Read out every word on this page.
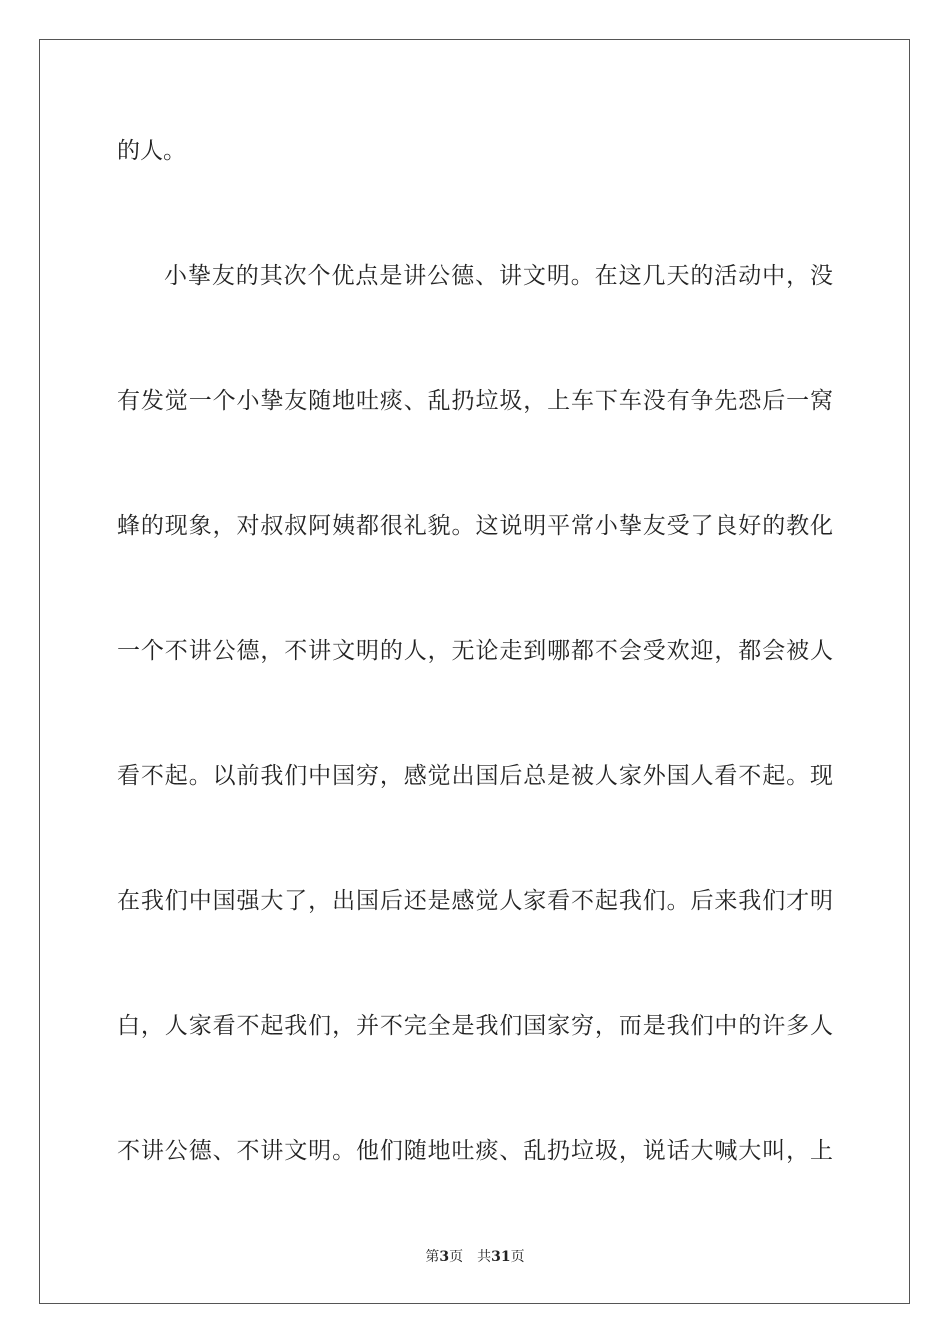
的人。
小挚友的其次个优点是讲公德、讲文明。在这几天的活动中，没
有发觉一个小挚友随地吐痰、乱扔垃圾，上车下车没有争先恐后一窝
蜂的现象，对叔叔阿姨都很礼貌。这说明平常小挚友受了良好的教化
一个不讲公德，不讲文明的人，无论走到哪都不会受欢迎，都会被人
看不起。以前我们中国穷，感觉出国后总是被人家外国人看不起。现
在我们中国强大了，出国后还是感觉人家看不起我们。后来我们才明
白，人家看不起我们，并不完全是我们国家穷，而是我们中的许多人
不讲公德、不讲文明。他们随地吐痰、乱扔垃圾，说话大喊大叫，上
第3页 共31页
